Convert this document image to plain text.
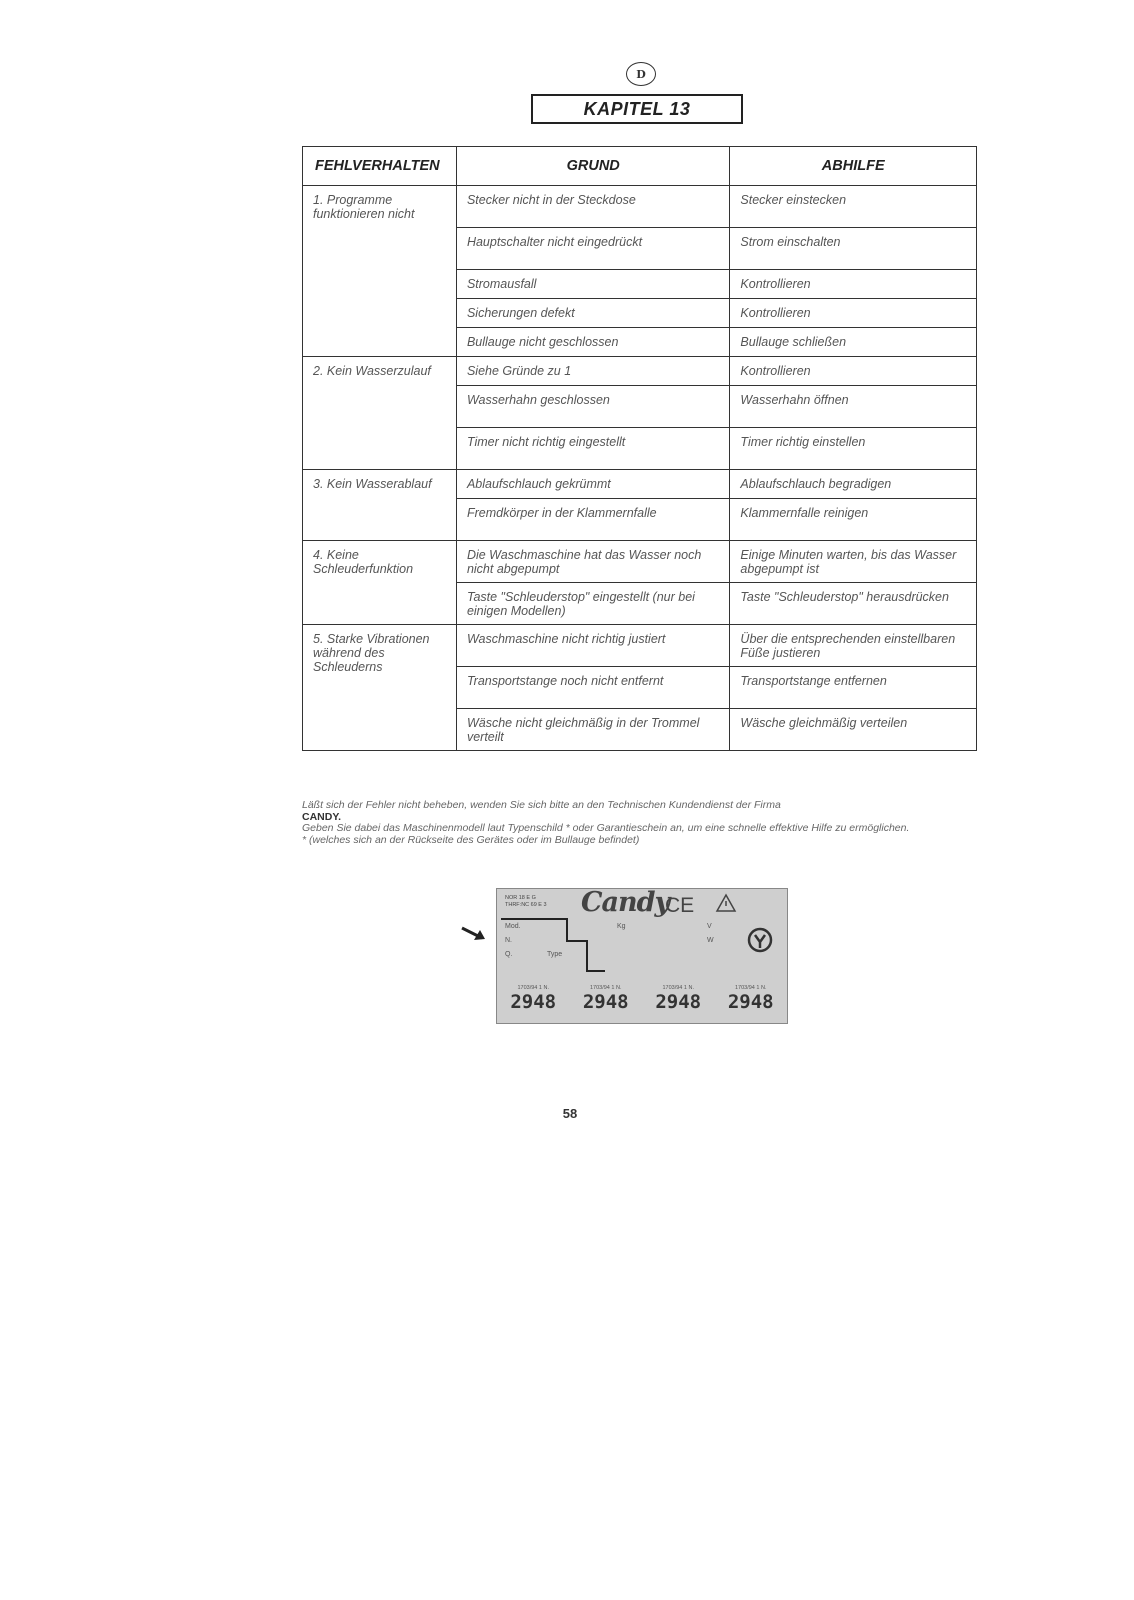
D
KAPITEL 13
FEHLVERHALTEN	GRUND	ABHILFE
1. Programme funktionieren nicht	Stecker nicht in der Steckdose	Stecker einstecken
	Hauptschalter nicht eingedrückt	Strom einschalten
	Stromausfall	Kontrollieren
	Sicherungen defekt	Kontrollieren
	Bullauge nicht geschlossen	Bullauge schließen
2. Kein Wasserzulauf	Siehe Gründe zu 1	Kontrollieren
	Wasserhahn geschlossen	Wasserhahn öffnen
	Timer nicht richtig eingestellt	Timer richtig einstellen
3. Kein Wasserablauf	Ablaufschlauch gekrümmt	Ablaufschlauch begradigen
	Fremdkörper in der Klammernfalle	Klammernfalle reinigen
4. Keine Schleuderfunktion	Die Waschmaschine hat das Wasser noch nicht abgepumpt	Einige Minuten warten, bis das Wasser abgepumpt ist
	Taste "Schleuderstop" eingestellt (nur bei einigen Modellen)	Taste "Schleuderstop" herausdrücken
5. Starke Vibrationen während des Schleuderns	Waschmaschine nicht richtig justiert	Über die entsprechenden einstellbaren Füße justieren
	Transportstange noch nicht entfernt	Transportstange entfernen
	Wäsche nicht gleichmäßig in der Trommel verteilt	Wäsche gleichmäßig verteilen
Läßt sich der Fehler nicht beheben, wenden Sie sich bitte an den Technischen Kundendienst der Firma
CANDY.
Geben Sie dabei das Maschinenmodell laut Typenschild * oder Garantieschein an, um eine schnelle effektive Hilfe zu ermöglichen.
* (welches sich an der Rückseite des Gerätes oder im Bullauge befindet)
NOR 18 E G
THRF:NC 69 E 3 Candy
CE
Mod.
N.
Q.	Type
Kg	V
W
1703/94 1 N.
2948
1703/94 1 N.
2948
1703/94 1 N.
2948
1703/94 1 N.
2948
58
